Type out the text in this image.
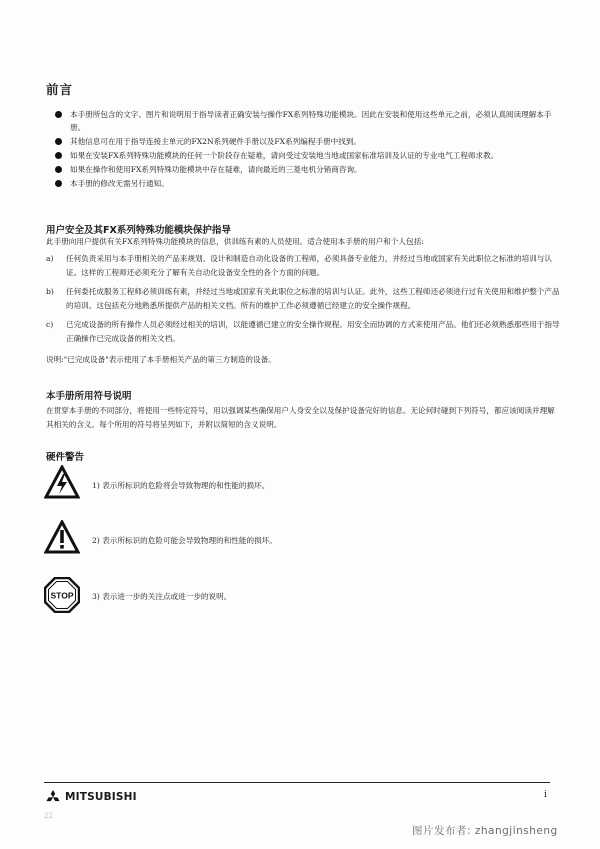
前言
本手册所包含的文字、图片和说明用于指导读者正确安装与操作FX系列特殊功能模块。因此在安装和使用这些单元之前，必须认真阅读理解本手册。
其他信息可在用于指导连接主单元的FX2N系列硬件手册以及FX系列编程手册中找到。
如果在安装FX系列特殊功能模块的任何一个阶段存在疑难，请向受过安装地当地或国家标准培训及认证的专业电气工程师求教。
如果在操作和使用FX系列特殊功能模块中存在疑难，请向最近的三菱电机分销商咨询。
本手册的修改无需另行通知。
用户安全及其FX系列特殊功能模块保护指导
此手册向用户提供有关FX系列特殊功能模块的信息，供训练有素的人员使用。适合使用本手册的用户和个人包括:
a) 任何负责采用与本手册相关的产品来规划、设计和制造自动化设备的工程师，必须具备专业能力，并经过当地或国家有关此职位之标准的培训与认证。这样的工程师还必须充分了解有关自动化设备安全性的各个方面的问题。
b) 任何委托成服务工程师必须训练有素，并经过当地或国家有关此职位之标准的培训与认证。此外，这些工程师还必须进行过有关使用和维护整个产品的培训。这包括充分地熟悉所提供产品的相关文档。所有的维护工作必须遵循已经建立的安全操作规程。
c) 已完成设备的所有操作人员必须经过相关的培训，以能遵循已建立的安全操作规程。用安全而协调的方式来使用产品。他们还必须熟悉那些用于指导正确操作已完成设备的相关文档。
说明:"已完成设备"表示使用了本手册相关产品的第三方制造的设备。
本手册所用符号说明
在贯穿本手册的不同部分，将使用一些特定符号，用以强调某些确保用户人身安全以及保护设备完好的信息。无论何时碰到下列符号，都应该阅读并理解其相关的含义。每个所用的符号将呈列如下，并附以简短的含义说明。
硬件警告
1) 表示所标识的危险将会导致物理的和性能的损坏。
2) 表示所标识的危险可能会导致物理的和性能的损坏。
STOP 3) 表示进一步的关注点或进一步的说明。
MITSUBISHI	i
22
图片发布者: zhangjinsheng
